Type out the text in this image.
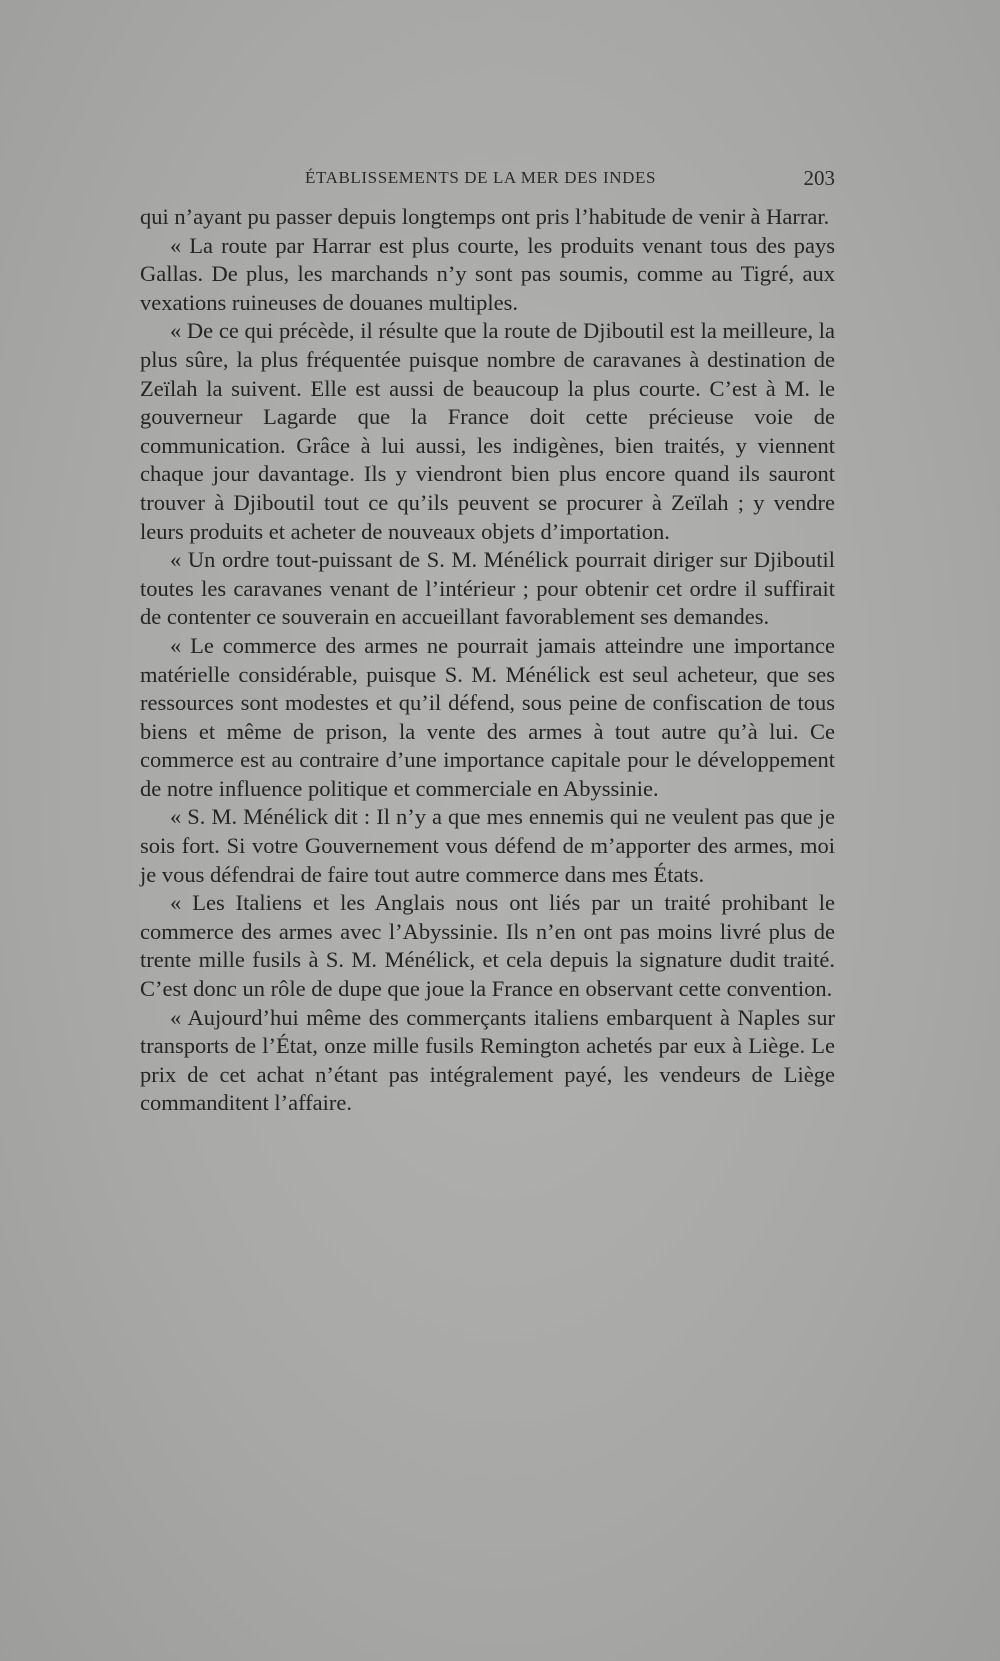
ÉTABLISSEMENTS DE LA MER DES INDES	203

qui n’ayant pu passer depuis longtemps ont pris l’habitude de venir à Harrar.

« La route par Harrar est plus courte, les produits venant tous des pays Gallas. De plus, les marchands n’y sont pas soumis, comme au Tigré, aux vexations ruineuses de douanes multiples.

« De ce qui précède, il résulte que la route de Djiboutil est la meilleure, la plus sûre, la plus fréquentée puisque nombre de caravanes à destination de Zeïlah la suivent. Elle est aussi de beaucoup la plus courte. C’est à M. le gouverneur Lagarde que la France doit cette précieuse voie de communication. Grâce à lui aussi, les indigènes, bien traités, y viennent chaque jour davantage. Ils y viendront bien plus encore quand ils sauront trouver à Djiboutil tout ce qu’ils peuvent se procurer à Zeïlah ; y vendre leurs produits et acheter de nouveaux objets d’importation.

« Un ordre tout-puissant de S. M. Ménélick pourrait diriger sur Djiboutil toutes les caravanes venant de l’intérieur ; pour obtenir cet ordre il suffirait de contenter ce souverain en accueillant favorablement ses demandes.

« Le commerce des armes ne pourrait jamais atteindre une importance matérielle considérable, puisque S. M. Ménélick est seul acheteur, que ses ressources sont modestes et qu’il défend, sous peine de confiscation de tous biens et même de prison, la vente des armes à tout autre qu’à lui. Ce commerce est au contraire d’une importance capitale pour le développement de notre influence politique et commerciale en Abyssinie.

« S. M. Ménélick dit : Il n’y a que mes ennemis qui ne veulent pas que je sois fort. Si votre Gouvernement vous défend de m’apporter des armes, moi je vous défendrai de faire tout autre commerce dans mes États.

« Les Italiens et les Anglais nous ont liés par un traité prohibant le commerce des armes avec l’Abyssinie. Ils n’en ont pas moins livré plus de trente mille fusils à S. M. Ménélick, et cela depuis la signature dudit traité. C’est donc un rôle de dupe que joue la France en observant cette convention.

« Aujourd’hui même des commerçants italiens embarquent à Naples sur transports de l’État, onze mille fusils Remington achetés par eux à Liège. Le prix de cet achat n’étant pas intégralement payé, les vendeurs de Liège commanditent l’affaire.
